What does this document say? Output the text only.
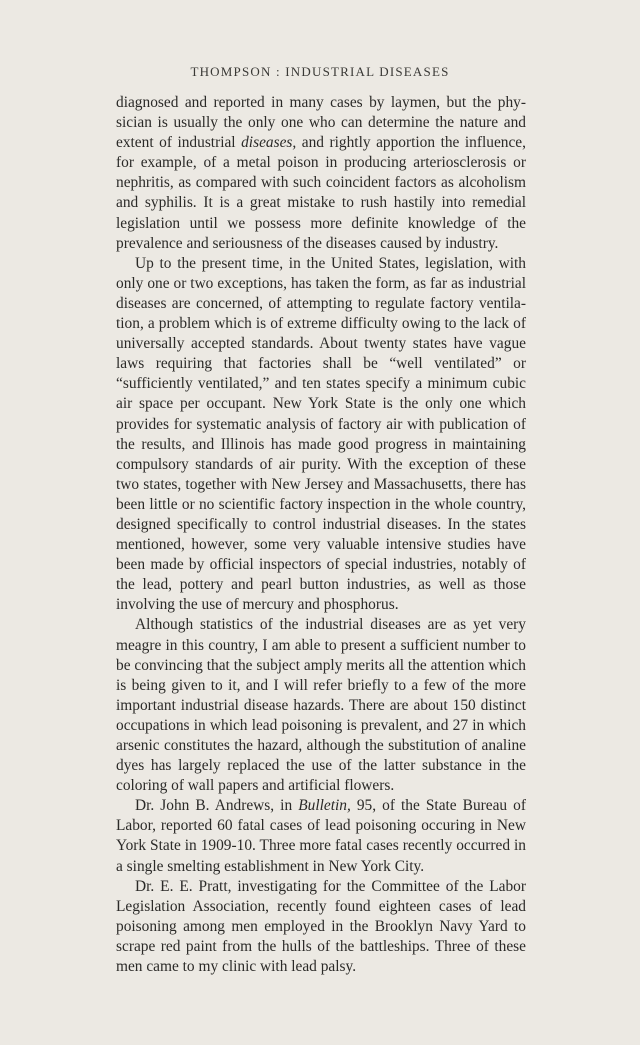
THOMPSON : INDUSTRIAL DISEASES

diagnosed and reported in many cases by laymen, but the physician is usually the only one who can determine the nature and extent of industrial diseases, and rightly apportion the influence, for example, of a metal poison in producing arteriosclerosis or nephritis, as compared with such coincident factors as alcoholism and syphilis. It is a great mistake to rush hastily into remedial legislation until we possess more definite knowledge of the prevalence and seriousness of the diseases caused by industry.

Up to the present time, in the United States, legislation, with only one or two exceptions, has taken the form, as far as industrial diseases are concerned, of attempting to regulate factory ventilation, a problem which is of extreme difficulty owing to the lack of universally accepted standards. About twenty states have vague laws requiring that factories shall be “well ventilated” or “sufficiently ventilated,” and ten states specify a minimum cubic air space per occupant. New York State is the only one which provides for systematic analysis of factory air with publication of the results, and Illinois has made good progress in maintaining compulsory standards of air purity. With the exception of these two states, together with New Jersey and Massachusetts, there has been little or no scientific factory inspection in the whole country, designed specifically to control industrial diseases. In the states mentioned, however, some very valuable intensive studies have been made by official inspectors of special industries, notably of the lead, pottery and pearl button industries, as well as those involving the use of mercury and phosphorus.

Although statistics of the industrial diseases are as yet very meagre in this country, I am able to present a sufficient number to be convincing that the subject amply merits all the attention which is being given to it, and I will refer briefly to a few of the more important industrial disease hazards. There are about 150 distinct occupations in which lead poisoning is prevalent, and 27 in which arsenic constitutes the hazard, although the substitution of analine dyes has largely replaced the use of the latter substance in the coloring of wall papers and artificial flowers.

Dr. John B. Andrews, in Bulletin, 95, of the State Bureau of Labor, reported 60 fatal cases of lead poisoning occuring in New York State in 1909-10. Three more fatal cases recently occurred in a single smelting establishment in New York City.

Dr. E. E. Pratt, investigating for the Committee of the Labor Legislation Association, recently found eighteen cases of lead poisoning among men employed in the Brooklyn Navy Yard to scrape red paint from the hulls of the battleships. Three of these men came to my clinic with lead palsy.
